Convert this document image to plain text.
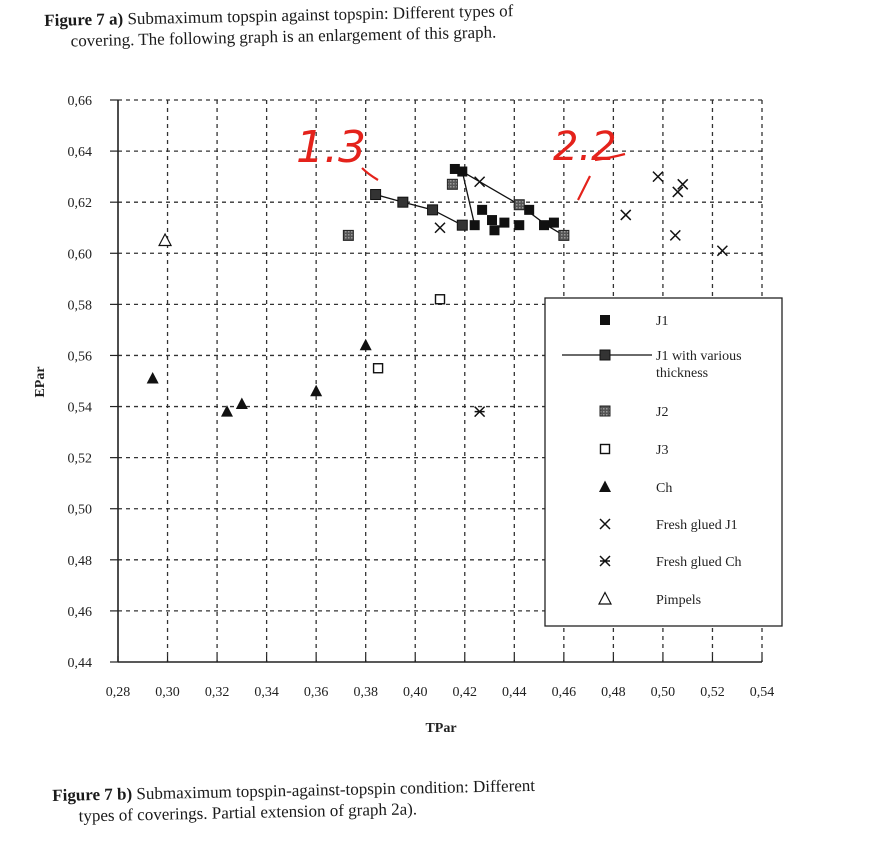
Figure 7 a) Submaximum topspin against topspin: Different types of
covering. The following graph is an enlargement of this graph.
0,28 0,30 0,32 0,34 0,36 0,38 0,40 0,42 0,44 0,46 0,48 0,50 0,52 0,54
0,44
0,46
0,48
0,50
0,52
0,54
0,56
0,58
0,60
0,62
0,64
0,66
TPar
EPar
J1
J1 with various thickness
J2
J3
Ch
Fresh glued J1
Fresh glued Ch
Pimpels
1.3	2.2
Figure 7 b) Submaximum topspin-against-topspin condition: Different
types of coverings. Partial extension of graph 2a).
